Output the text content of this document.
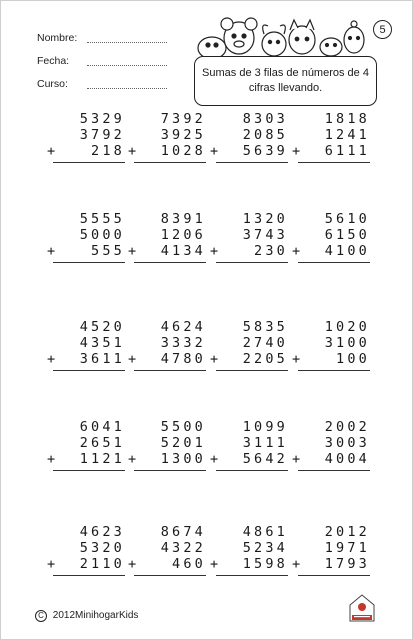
Nombre:
Fecha:
Curso:
5
Sumas de 3 filas de números de 4 cifras llevando.
5329
3792
+	218
7392
3925
+	1028
8303
2085
+	5639
1818
1241
+	6111
5555
5000
+	555
8391
1206
+	4134
1320
3743
+	230
5610
6150
+	4100
4520
4351
+	3611
4624
3332
+	4780
5835
2740
+	2205
1020
3100
+	100
6041
2651
+	1121
5500
5201
+	1300
1099
3111
+	5642
2002
3003
+	4004
4623
5320
+	2110
8674
4322
+	460
4861
5234
+	1598
2012
1971
+	1793
C 2012MinihogarKids
